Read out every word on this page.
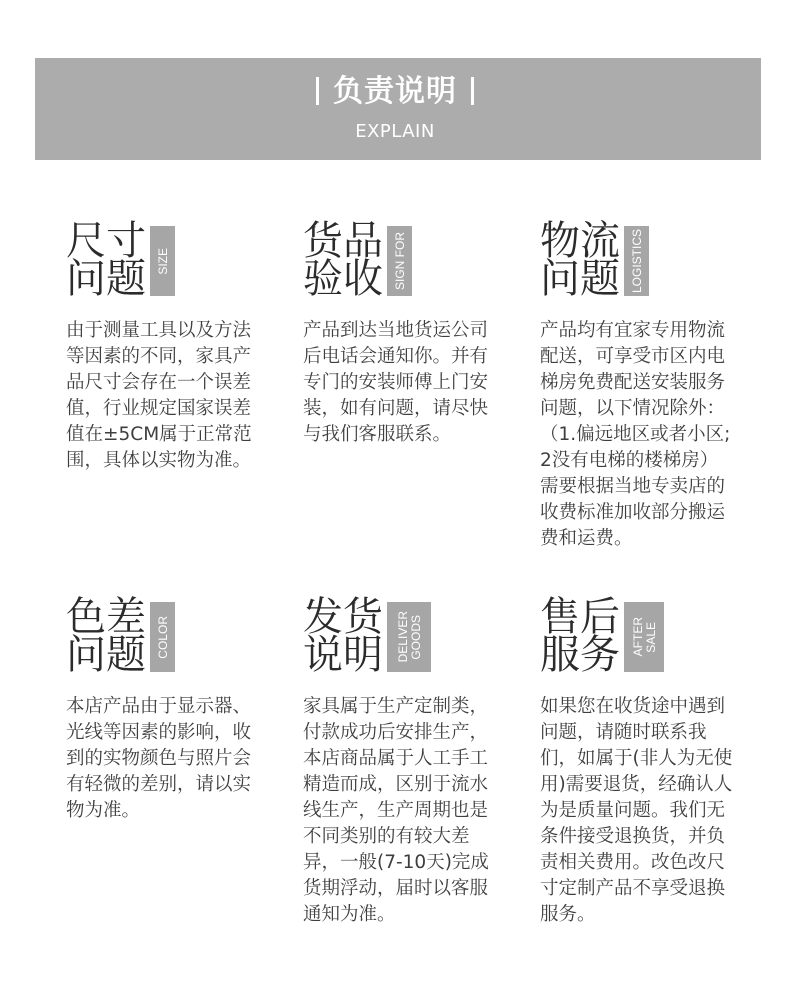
负责说明
EXPLAIN
尺寸
问题 SIZE
由于测量工具以及方法等因素的不同，家具产品尺寸会存在一个误差值，行业规定国家误差值在±5CM属于正常范围，具体以实物为准。
货品
验收 SIGN FOR
产品到达当地货运公司后电话会通知你。并有专门的安装师傅上门安装，如有问题，请尽快与我们客服联系。
物流
问题 LOGISTICS
产品均有宜家专用物流配送，可享受市区内电梯房免费配送安装服务问题，以下情况除外：（1.偏远地区或者小区;2没有电梯的楼梯房）需要根据当地专卖店的收费标准加收部分搬运费和运费。
色差
问题 COLOR
本店产品由于显示器、光线等因素的影响，收到的实物颜色与照片会有轻微的差别，请以实物为准。
发货
说明 DELIVER GOODS
家具属于生产定制类，付款成功后安排生产，本店商品属于人工手工精造而成，区别于流水线生产，生产周期也是不同类别的有较大差异，一般(7-10天)完成货期浮动，届时以客服通知为准。
售后
服务 AFTER SALE
如果您在收货途中遇到问题，请随时联系我们，如属于(非人为无使用)需要退货，经确认人为是质量问题。我们无条件接受退换货，并负责相关费用。改色改尺寸定制产品不享受退换服务。
